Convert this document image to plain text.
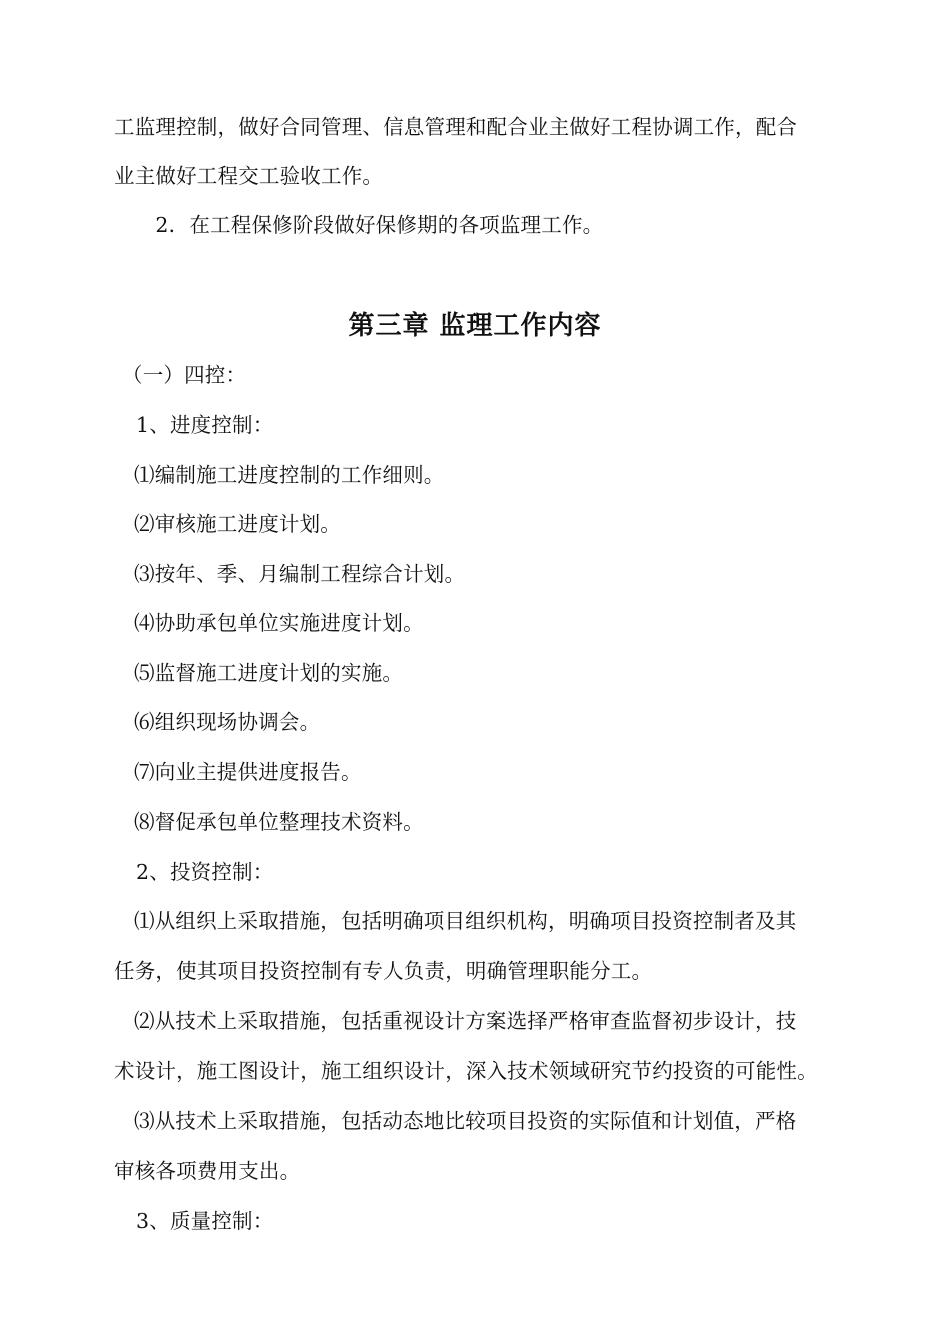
工监理控制，做好合同管理、信息管理和配合业主做好工程协调工作，配合
业主做好工程交工验收工作。
　　2．在工程保修阶段做好保修期的各项监理工作。
第三章 监理工作内容
（一）四控：
1、进度控制：
⑴编制施工进度控制的工作细则。
⑵审核施工进度计划。
⑶按年、季、月编制工程综合计划。
⑷协助承包单位实施进度计划。
⑸监督施工进度计划的实施。
⑹组织现场协调会。
⑺向业主提供进度报告。
⑻督促承包单位整理技术资料。
2、投资控制：
⑴从组织上采取措施，包括明确项目组织机构，明确项目投资控制者及其
任务，使其项目投资控制有专人负责，明确管理职能分工。
⑵从技术上采取措施，包括重视设计方案选择严格审查监督初步设计，技
术设计，施工图设计，施工组织设计，深入技术领域研究节约投资的可能性。
⑶从技术上采取措施，包括动态地比较项目投资的实际值和计划值，严格
审核各项费用支出。
3、质量控制：
